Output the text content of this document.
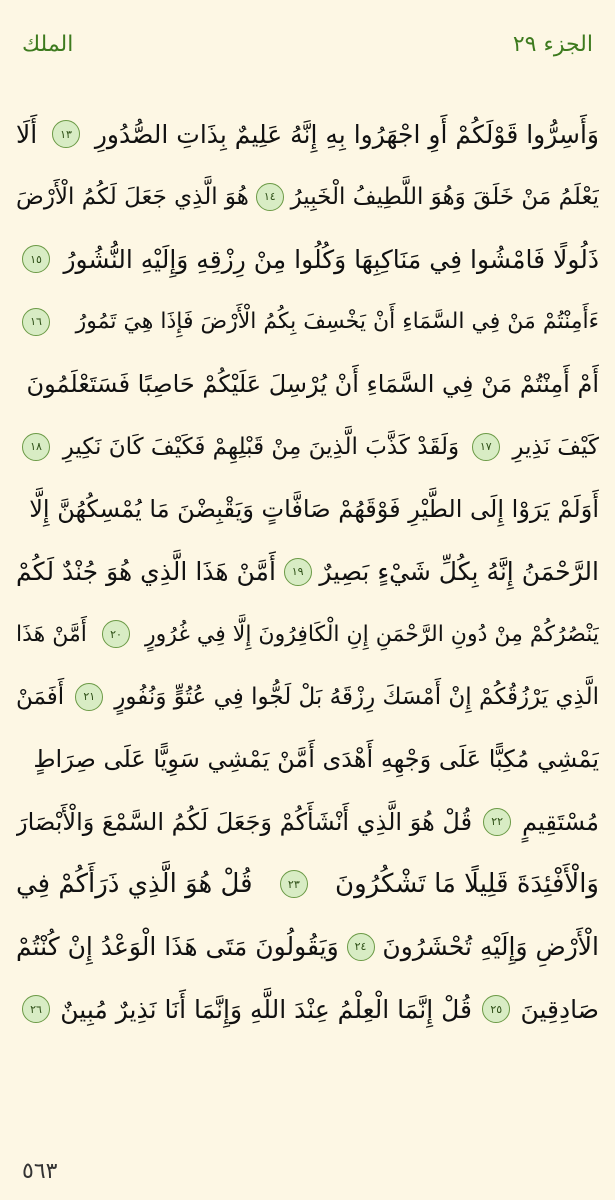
الملك	الجزء ٢٩
وَأَسِرُّوا قَوْلَكُمْ أَوِ اجْهَرُوا بِهِ إِنَّهُ عَلِيمٌ بِذَاتِ الصُّدُورِ
١٣
أَلَا
يَعْلَمُ مَنْ خَلَقَ وَهُوَ اللَّطِيفُ الْخَبِيرُ
١٤
هُوَ الَّذِي جَعَلَ لَكُمُ الْأَرْضَ
ذَلُولًا فَامْشُوا فِي مَنَاكِبِهَا وَكُلُوا مِنْ رِزْقِهِ وَإِلَيْهِ النُّشُورُ
١٥
ءَأَمِنْتُمْ مَنْ فِي السَّمَاءِ أَنْ يَخْسِفَ بِكُمُ الْأَرْضَ فَإِذَا هِيَ تَمُورُ
١٦
أَمْ أَمِنْتُمْ مَنْ فِي السَّمَاءِ أَنْ يُرْسِلَ عَلَيْكُمْ حَاصِبًا فَسَتَعْلَمُونَ
كَيْفَ نَذِيرِ
١٧
وَلَقَدْ كَذَّبَ الَّذِينَ مِنْ قَبْلِهِمْ فَكَيْفَ كَانَ نَكِيرِ
١٨
أَوَلَمْ يَرَوْا إِلَى الطَّيْرِ فَوْقَهُمْ صَافَّاتٍ وَيَقْبِضْنَ مَا يُمْسِكُهُنَّ إِلَّا
الرَّحْمَنُ إِنَّهُ بِكُلِّ شَيْءٍ بَصِيرٌ
١٩
أَمَّنْ هَذَا الَّذِي هُوَ جُنْدٌ لَكُمْ
يَنْصُرُكُمْ مِنْ دُونِ الرَّحْمَنِ إِنِ الْكَافِرُونَ إِلَّا فِي غُرُورٍ
٢٠
أَمَّنْ هَذَا
الَّذِي يَرْزُقُكُمْ إِنْ أَمْسَكَ رِزْقَهُ بَلْ لَجُّوا فِي عُتُوٍّ وَنُفُورٍ
٢١
أَفَمَنْ
يَمْشِي مُكِبًّا عَلَى وَجْهِهِ أَهْدَى أَمَّنْ يَمْشِي سَوِيًّا عَلَى صِرَاطٍ
مُسْتَقِيمٍ
٢٢
قُلْ هُوَ الَّذِي أَنْشَأَكُمْ وَجَعَلَ لَكُمُ السَّمْعَ وَالْأَبْصَارَ
وَالْأَفْئِدَةَ قَلِيلًا مَا تَشْكُرُونَ
٢٣
قُلْ هُوَ الَّذِي ذَرَأَكُمْ فِي
الْأَرْضِ وَإِلَيْهِ تُحْشَرُونَ
٢٤
وَيَقُولُونَ مَتَى هَذَا الْوَعْدُ إِنْ كُنْتُمْ
صَادِقِينَ
٢٥
قُلْ إِنَّمَا الْعِلْمُ عِنْدَ اللَّهِ وَإِنَّمَا أَنَا نَذِيرٌ مُبِينٌ
٢٦
٥٦٣
